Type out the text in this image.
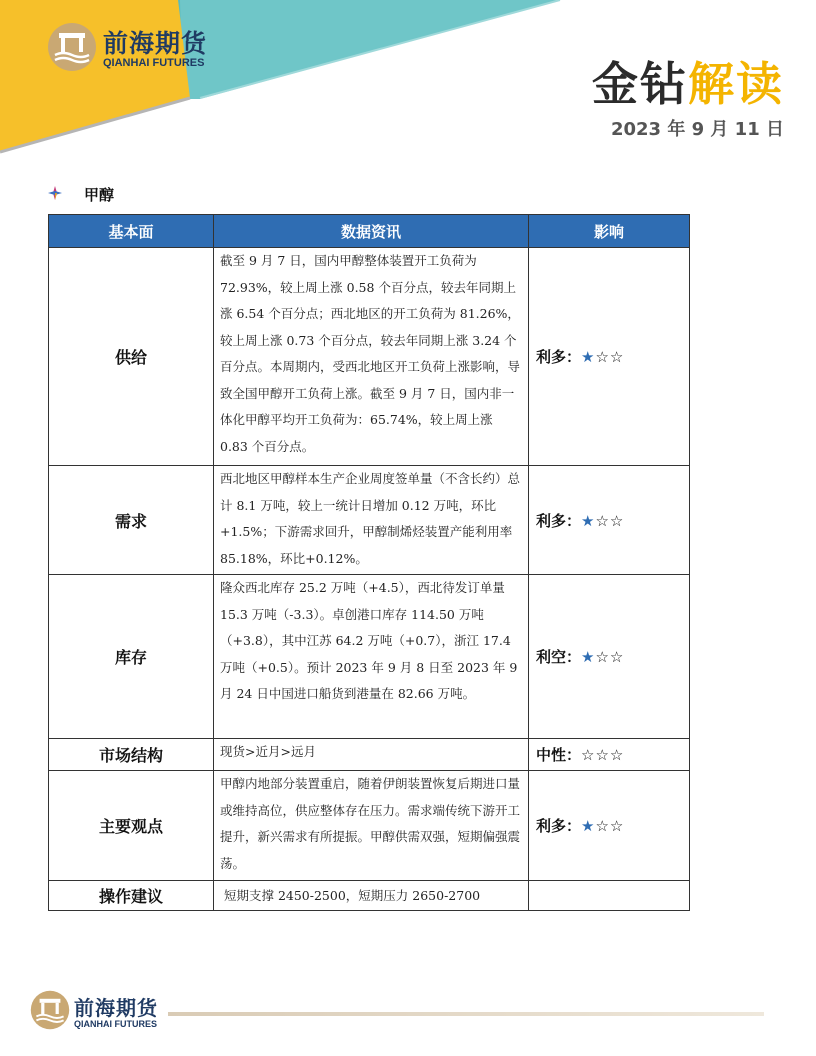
前海期货
QIANHAI FUTURES	金钻解读
2023 年 9 月 11 日
甲醇
基本面	数据资讯	影响
供给	截至 9 月 7 日，国内甲醇整体装置开工负荷为 72.93%，较上周上涨 0.58 个百分点，较去年同期上涨 6.54 个百分点；西北地区的开工负荷为 81.26%，较上周上涨 0.73 个百分点，较去年同期上涨 3.24 个百分点。本周期内，受西北地区开工负荷上涨影响，导致全国甲醇开工负荷上涨。截至 9 月 7 日，国内非一体化甲醇平均开工负荷为：65.74%，较上周上涨 0.83 个百分点。	利多：★☆☆
需求	西北地区甲醇样本生产企业周度签单量（不含长约）总计 8.1 万吨，较上一统计日增加 0.12 万吨，环比+1.5%；下游需求回升，甲醇制烯烃装置产能利用率 85.18%，环比+0.12%。	利多：★☆☆
库存	隆众西北库存 25.2 万吨（+4.5），西北待发订单量 15.3 万吨（-3.3）。卓创港口库存 114.50 万吨（+3.8），其中江苏 64.2 万吨（+0.7），浙江 17.4 万吨（+0.5）。预计 2023 年 9 月 8 日至 2023 年 9 月 24 日中国进口船货到港量在 82.66 万吨。	利空：★☆☆
市场结构	现货>近月>远月	中性：☆☆☆
主要观点	甲醇内地部分装置重启，随着伊朗装置恢复后期进口量或维持高位，供应整体存在压力。需求端传统下游开工提升，新兴需求有所提振。甲醇供需双强，短期偏强震荡。	利多：★☆☆
操作建议	短期支撑 2450-2500，短期压力 2650-2700	
前海期货
QIANHAI FUTURES
